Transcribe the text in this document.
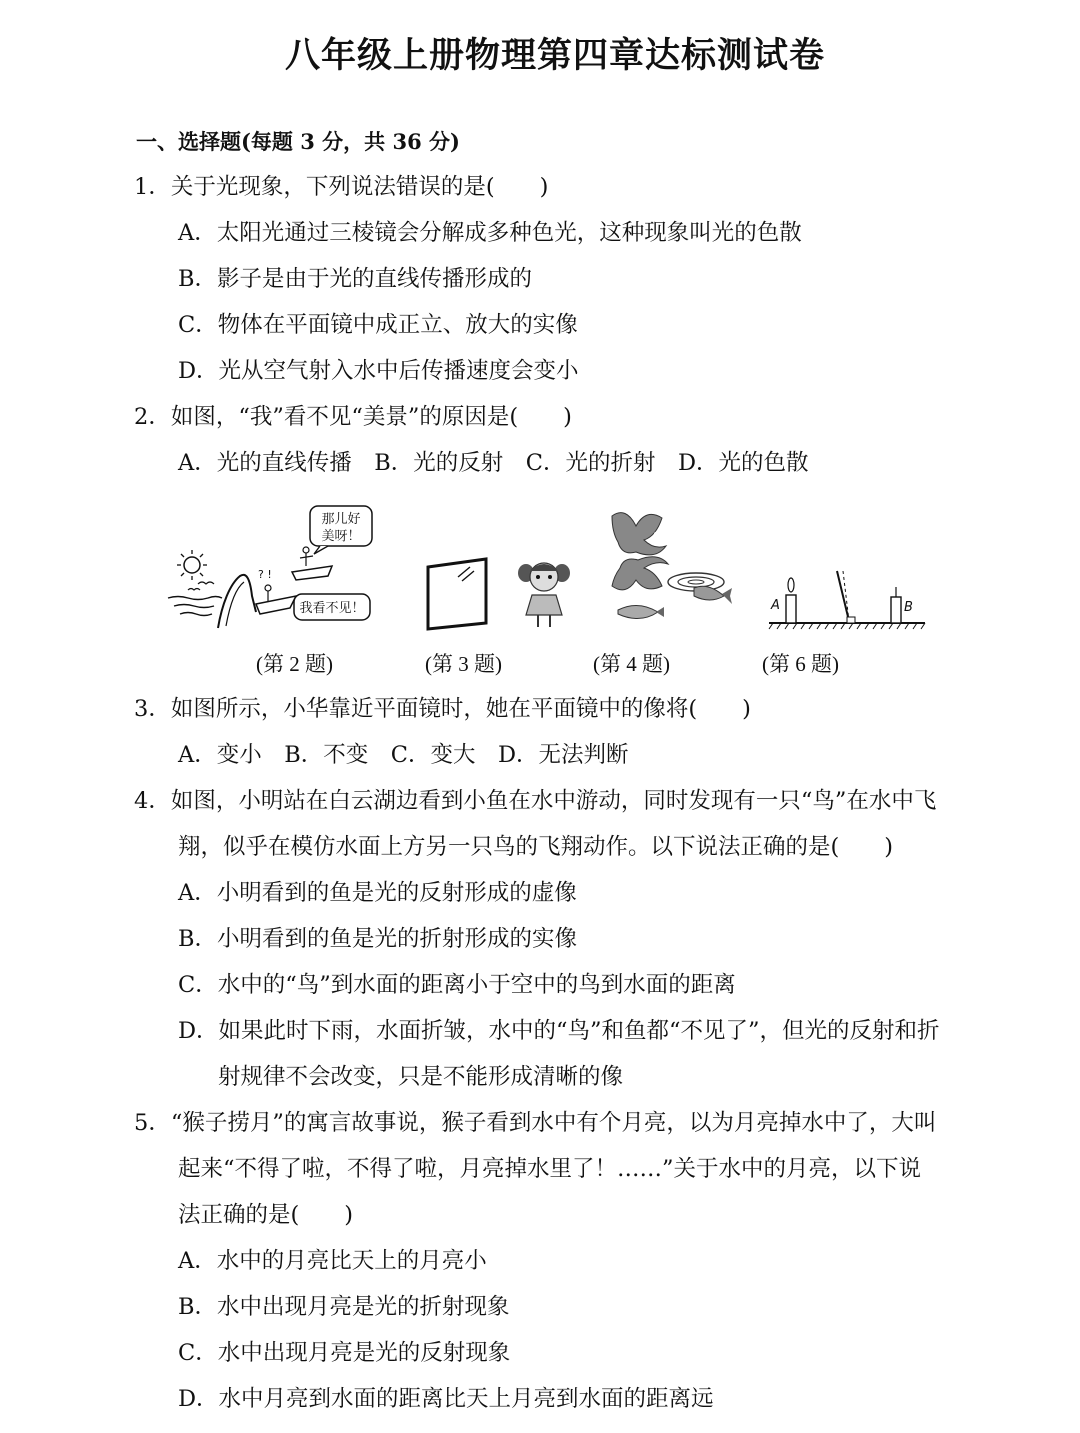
八年级上册物理第四章达标测试卷
一、选择题(每题 3 分，共 36 分)
1．关于光现象，下列说法错误的是(　　)
A．太阳光通过三棱镜会分解成多种色光，这种现象叫光的色散
B．影子是由于光的直线传播形成的
C．物体在平面镜中成正立、放大的实像
D．光从空气射入水中后传播速度会变小
2．如图，“我”看不见“美景”的原因是(　　)
A．光的直线传播　B．光的反射　C．光的折射　D．光的色散
? !
那儿好
美呀！
我看不见！	A	B
(第 2 题)	(第 3 题)	(第 4 题)	(第 6 题)
3．如图所示，小华靠近平面镜时，她在平面镜中的像将(　　)
A．变小　B．不变　C．变大　D．无法判断
4．如图，小明站在白云湖边看到小鱼在水中游动，同时发现有一只“鸟”在水中飞
翔，似乎在模仿水面上方另一只鸟的飞翔动作。以下说法正确的是(　　)
A．小明看到的鱼是光的反射形成的虚像
B．小明看到的鱼是光的折射形成的实像
C．水中的“鸟”到水面的距离小于空中的鸟到水面的距离
D．如果此时下雨，水面折皱，水中的“鸟”和鱼都“不见了”，但光的反射和折
射规律不会改变，只是不能形成清晰的像
5．“猴子捞月”的寓言故事说，猴子看到水中有个月亮，以为月亮掉水中了，大叫
起来“不得了啦，不得了啦，月亮掉水里了！……”关于水中的月亮，以下说
法正确的是(　　)
A．水中的月亮比天上的月亮小
B．水中出现月亮是光的折射现象
C．水中出现月亮是光的反射现象
D．水中月亮到水面的距离比天上月亮到水面的距离远
